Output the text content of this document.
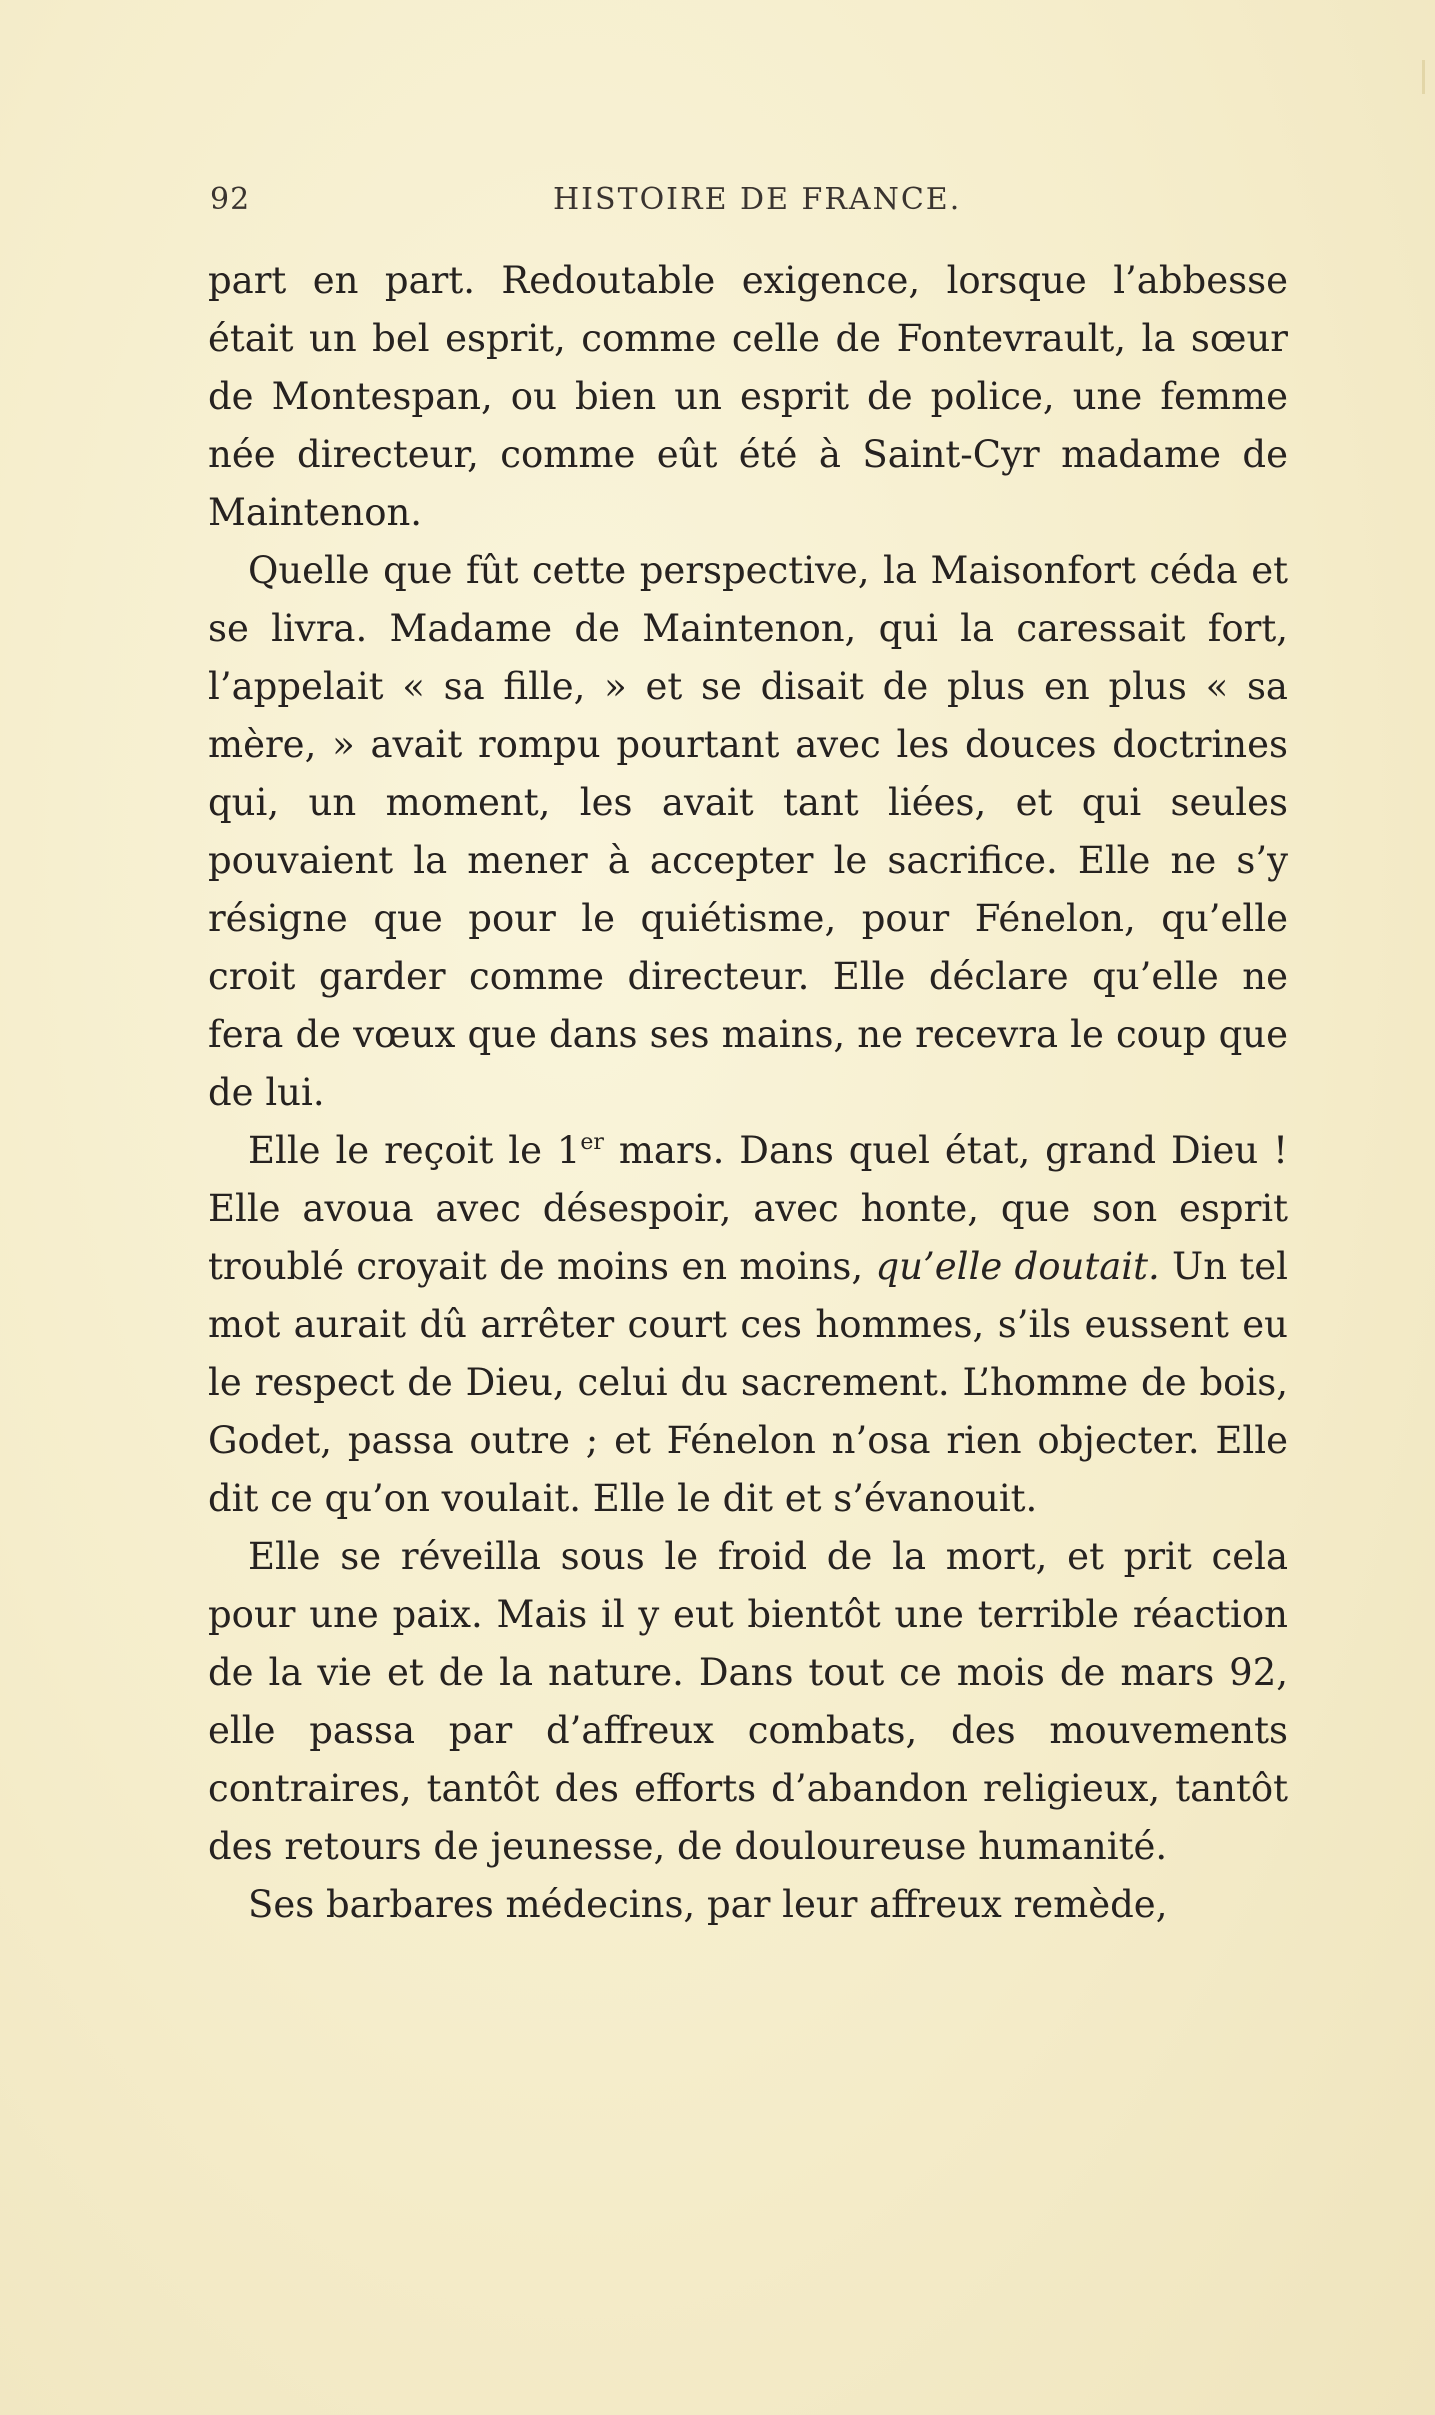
92	HISTOIRE DE FRANCE.

part en part. Redoutable exigence, lorsque l’abbesse était un bel esprit, comme celle de Fontevrault, la sœur de Montespan, ou bien un esprit de police, une femme née directeur, comme eût été à Saint-Cyr madame de Maintenon.

Quelle que fût cette perspective, la Maisonfort céda et se livra. Madame de Maintenon, qui la caressait fort, l’appelait « sa fille, » et se disait de plus en plus « sa mère, » avait rompu pourtant avec les douces doctrines qui, un moment, les avait tant liées, et qui seules pouvaient la mener à accepter le sacrifice. Elle ne s’y résigne que pour le quiétisme, pour Fénelon, qu’elle croit garder comme directeur. Elle déclare qu’elle ne fera de vœux que dans ses mains, ne recevra le coup que de lui.

Elle le reçoit le 1er mars. Dans quel état, grand Dieu ! Elle avoua avec désespoir, avec honte, que son esprit troublé croyait de moins en moins, qu’elle doutait. Un tel mot aurait dû arrêter court ces hommes, s’ils eussent eu le respect de Dieu, celui du sacrement. L’homme de bois, Godet, passa outre ; et Fénelon n’osa rien objecter. Elle dit ce qu’on voulait. Elle le dit et s’évanouit.

Elle se réveilla sous le froid de la mort, et prit cela pour une paix. Mais il y eut bientôt une terrible réaction de la vie et de la nature. Dans tout ce mois de mars 92, elle passa par d’affreux combats, des mouvements contraires, tantôt des efforts d’abandon religieux, tantôt des retours de jeunesse, de douloureuse humanité.

Ses barbares médecins, par leur affreux remède,
